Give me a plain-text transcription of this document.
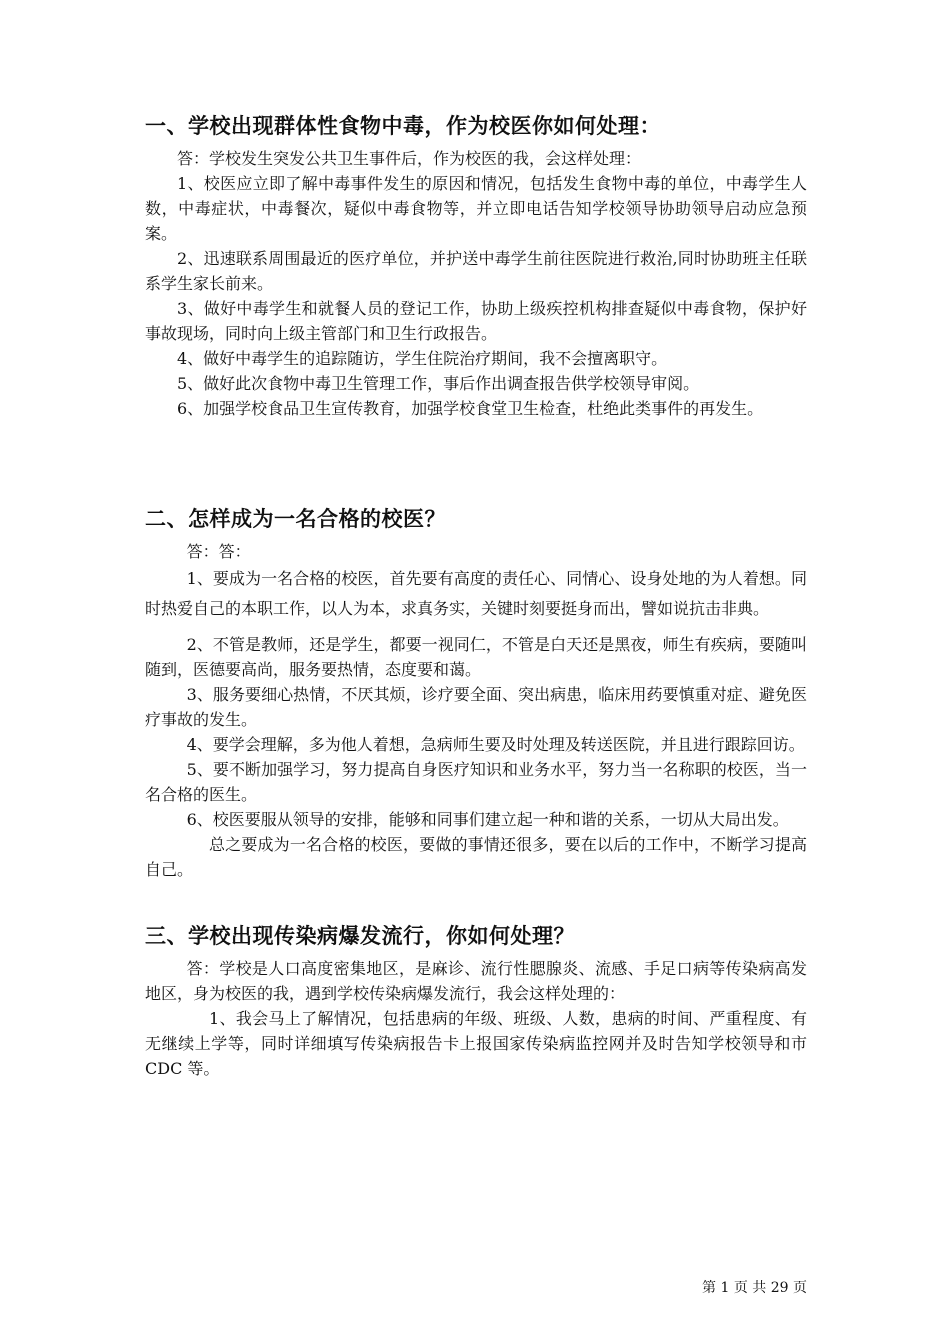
一、学校出现群体性食物中毒，作为校医你如何处理：

答：学校发生突发公共卫生事件后，作为校医的我，会这样处理：

1、校医应立即了解中毒事件发生的原因和情况，包括发生食物中毒的单位，中毒学生人数，中毒症状，中毒餐次，疑似中毒食物等，并立即电话告知学校领导协助领导启动应急预案。

2、迅速联系周围最近的医疗单位，并护送中毒学生前往医院进行救治,同时协助班主任联系学生家长前来。

3、做好中毒学生和就餐人员的登记工作，协助上级疾控机构排查疑似中毒食物，保护好事故现场，同时向上级主管部门和卫生行政报告。

4、做好中毒学生的追踪随访，学生住院治疗期间，我不会擅离职守。

5、做好此次食物中毒卫生管理工作，事后作出调查报告供学校领导审阅。

6、加强学校食品卫生宣传教育，加强学校食堂卫生检查，杜绝此类事件的再发生。

二、怎样成为一名合格的校医？

答：答：

1、要成为一名合格的校医，首先要有高度的责任心、同情心、设身处地的为人着想。同时热爱自己的本职工作，以人为本，求真务实，关键时刻要挺身而出，譬如说抗击非典。

2、不管是教师，还是学生，都要一视同仁，不管是白天还是黑夜，师生有疾病，要随叫随到，医德要高尚，服务要热情，态度要和蔼。

3、服务要细心热情，不厌其烦，诊疗要全面、突出病患，临床用药要慎重对症、避免医疗事故的发生。

4、要学会理解，多为他人着想，急病师生要及时处理及转送医院，并且进行跟踪回访。

5、要不断加强学习，努力提高自身医疗知识和业务水平，努力当一名称职的校医，当一名合格的医生。

6、校医要服从领导的安排，能够和同事们建立起一种和谐的关系，一切从大局出发。

总之要成为一名合格的校医，要做的事情还很多，要在以后的工作中，不断学习提高自己。

三、学校出现传染病爆发流行，你如何处理？

答：学校是人口高度密集地区，是麻诊、流行性腮腺炎、流感、手足口病等传染病高发地区，身为校医的我，遇到学校传染病爆发流行，我会这样处理的：

1、我会马上了解情况，包括患病的年级、班级、人数，患病的时间、严重程度、有无继续上学等，同时详细填写传染病报告卡上报国家传染病监控网并及时告知学校领导和市 CDC 等。

第 1 页 共 29 页
